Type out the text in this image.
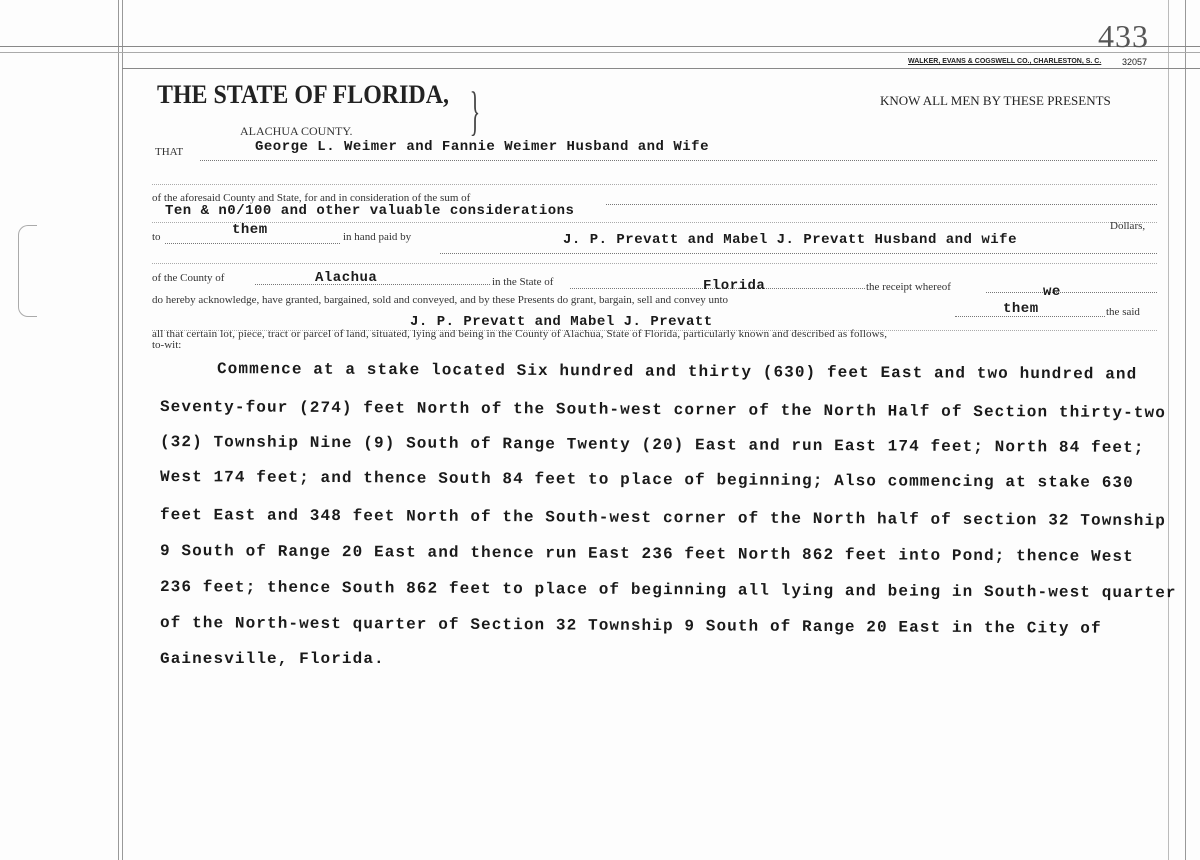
433
WALKER, EVANS & COGSWELL CO., CHARLESTON, S. C. 32057
THE STATE OF FLORIDA, }	KNOW ALL MEN BY THESE PRESENTS
ALACHUA COUNTY.
THAT	George L. Weimer and Fannie Weimer Husband and Wife
of the aforesaid County and State, for and in consideration of the sum of
Ten & n0/100 and other valuable considerations
Dollars,
to	them	in hand paid by	J. P. Prevatt and Mabel J. Prevatt Husband and wife
of the County of	Alachua	in the State of	Florida	the receipt whereof	we
do hereby acknowledge, have granted, bargained, sold and conveyed, and by these Presents do grant, bargain, sell and convey unto
them	the said
J. P. Prevatt and Mabel J. Prevatt
all that certain lot, piece, tract or parcel of land, situated, lying and being in the County of Alachua, State of Florida, particularly known and described as follows,
to-wit:
Commence at a stake located Six hundred and thirty (630) feet East and two hundred and
Seventy-four (274) feet North of the South-west corner of the North Half of Section thirty-two
(32) Township Nine (9) South of Range Twenty (20) East and run East 174 feet; North 84 feet;
West 174 feet; and thence South 84 feet to place of beginning; Also commencing at stake 630
feet East and 348 feet North of the South-west corner of the North half of section 32 Township
9 South of Range 20 East and thence run East 236 feet North 862 feet into Pond; thence West
236 feet; thence South 862 feet to place of beginning all lying and being in South-west quarter
of the North-west quarter of Section 32 Township 9 South of Range 20 East in the City of
Gainesville, Florida.
